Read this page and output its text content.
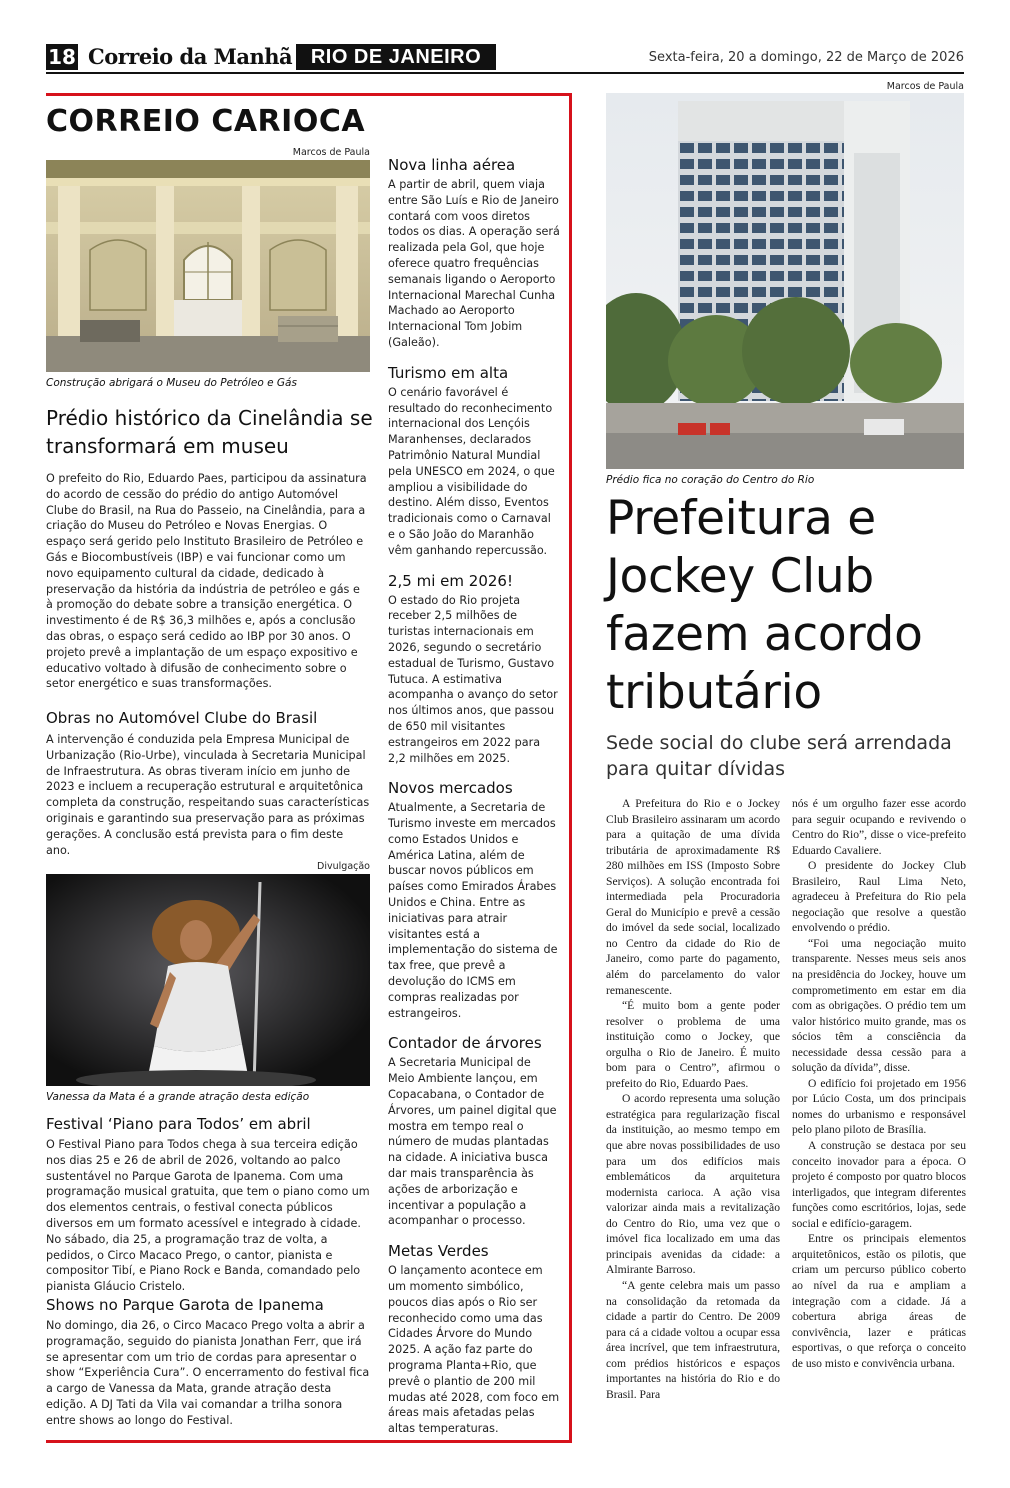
18 Correio da Manhã RIO DE JANEIRO	Sexta-feira, 20 a domingo, 22 de Março de 2026
CORREIO CARIOCA
Marcos de Paula
Construção abrigará o Museu do Petróleo e Gás
Prédio histórico da Cinelândia se transformará em museu
O prefeito do Rio, Eduardo Paes, participou da assinatura do acordo de cessão do prédio do antigo Automóvel Clube do Brasil, na Rua do Passeio, na Cinelândia, para a criação do Museu do Petróleo e Novas Energias. O espaço será gerido pelo Instituto Brasileiro de Petróleo e Gás e Biocombustíveis (IBP) e vai funcionar como um novo equipamento cultural da cidade, dedicado à preservação da história da indústria de petróleo e gás e à promoção do debate sobre a transição energética. O investimento é de R$ 36,3 milhões e, após a conclusão das obras, o espaço será cedido ao IBP por 30 anos. O projeto prevê a implantação de um espaço expositivo e educativo voltado à difusão de conhecimento sobre o setor energético e suas transformações.
Obras no Automóvel Clube do Brasil
A intervenção é conduzida pela Empresa Municipal de Urbanização (Rio-Urbe), vinculada à Secretaria Municipal de Infraestrutura. As obras tiveram início em junho de 2023 e incluem a recuperação estrutural e arquitetônica completa da construção, respeitando suas características originais e garantindo sua preservação para as próximas gerações. A conclusão está prevista para o fim deste ano.
Divulgação
Vanessa da Mata é a grande atração desta edição
Festival ‘Piano para Todos’ em abril
O Festival Piano para Todos chega à sua terceira edição nos dias 25 e 26 de abril de 2026, voltando ao palco sustentável no Parque Garota de Ipanema. Com uma programação musical gratuita, que tem o piano como um dos elementos centrais, o festival conecta públicos diversos em um formato acessível e integrado à cidade. No sábado, dia 25, a programação traz de volta, a pedidos, o Circo Macaco Prego, o cantor, pianista e compositor Tibí, e Piano Rock e Banda, comandado pelo pianista Gláucio Cristelo.
Shows no Parque Garota de Ipanema
No domingo, dia 26, o Circo Macaco Prego volta a abrir a programação, seguido do pianista Jonathan Ferr, que irá se apresentar com um trio de cordas para apresentar o show “Experiência Cura”. O encerramento do festival fica a cargo de Vanessa da Mata, grande atração desta edição. A DJ Tati da Vila vai comandar a trilha sonora entre shows ao longo do Festival.
Nova linha aérea

A partir de abril, quem viaja entre São Luís e Rio de Janeiro contará com voos diretos todos os dias. A operação será realizada pela Gol, que hoje oferece quatro frequências semanais ligando o Aeroporto Internacional Marechal Cunha Machado ao Aeroporto Internacional Tom Jobim (Galeão).

Turismo em alta

O cenário favorável é resultado do reconhecimento internacional dos Lençóis Maranhenses, declarados Patrimônio Natural Mundial pela UNESCO em 2024, o que ampliou a visibilidade do destino. Além disso, Eventos tradicionais como o Carnaval e o São João do Maranhão vêm ganhando repercussão.

2,5 mi em 2026!

O estado do Rio projeta receber 2,5 milhões de turistas internacionais em 2026, segundo o secretário estadual de Turismo, Gustavo Tutuca. A estimativa acompanha o avanço do setor nos últimos anos, que passou de 650 mil visitantes estrangeiros em 2022 para 2,2 milhões em 2025.

Novos mercados

Atualmente, a Secretaria de Turismo investe em mercados como Estados Unidos e América Latina, além de buscar novos públicos em países como Emirados Árabes Unidos e China. Entre as iniciativas para atrair visitantes está a implementação do sistema de tax free, que prevê a devolução do ICMS em compras realizadas por estrangeiros.

Contador de árvores

A Secretaria Municipal de Meio Ambiente lançou, em Copacabana, o Contador de Árvores, um painel digital que mostra em tempo real o número de mudas plantadas na cidade. A iniciativa busca dar mais transparência às ações de arborização e incentivar a população a acompanhar o processo.

Metas Verdes

O lançamento acontece em um momento simbólico, poucos dias após o Rio ser reconhecido como uma das Cidades Árvore do Mundo 2025. A ação faz parte do programa Planta+Rio, que prevê o plantio de 200 mil mudas até 2028, com foco em áreas mais afetadas pelas altas temperaturas.

Marcos de Paula
Prédio fica no coração do Centro do Rio
Prefeitura e Jockey Club fazem acordo tributário
Sede social do clube será arrendada para quitar dívidas

A Prefeitura do Rio e o Jockey Club Brasileiro assinaram um acordo para a quitação de uma dívida tributária de aproximadamente R$ 280 milhões em ISS (Imposto Sobre Serviços). A solução encontrada foi intermediada pela Procuradoria Geral do Município e prevê a cessão do imóvel da sede social, localizado no Centro da cidade do Rio de Janeiro, como parte do pagamento, além do parcelamento do valor remanescente.

“É muito bom a gente poder resolver o problema de uma instituição como o Jockey, que orgulha o Rio de Janeiro. É muito bom para o Centro”, afirmou o prefeito do Rio, Eduardo Paes.

O acordo representa uma solução estratégica para regularização fiscal da instituição, ao mesmo tempo em que abre novas possibilidades de uso para um dos edifícios mais emblemáticos da arquitetura modernista carioca. A ação visa valorizar ainda mais a revitalização do Centro do Rio, uma vez que o imóvel fica localizado em uma das principais avenidas da cidade: a Almirante Barroso.

“A gente celebra mais um passo na consolidação da retomada da cidade a partir do Centro. De 2009 para cá a cidade voltou a ocupar essa área incrível, que tem infraestrutura, com prédios históricos e espaços importantes na história do Rio e do Brasil. Para

nós é um orgulho fazer esse acordo para seguir ocupando e revivendo o Centro do Rio”, disse o vice-prefeito Eduardo Cavaliere.

O presidente do Jockey Club Brasileiro, Raul Lima Neto, agradeceu à Prefeitura do Rio pela negociação que resolve a questão envolvendo o prédio.

“Foi uma negociação muito transparente. Nesses meus seis anos na presidência do Jockey, houve um comprometimento em estar em dia com as obrigações. O prédio tem um valor histórico muito grande, mas os sócios têm a consciência da necessidade dessa cessão para a solução da dívida”, disse.

O edifício foi projetado em 1956 por Lúcio Costa, um dos principais nomes do urbanismo e responsável pelo plano piloto de Brasília.

A construção se destaca por seu conceito inovador para a época. O projeto é composto por quatro blocos interligados, que integram diferentes funções como escritórios, lojas, sede social e edifício-garagem.

Entre os principais elementos arquitetônicos, estão os pilotis, que criam um percurso público coberto ao nível da rua e ampliam a integração com a cidade. Já a cobertura abriga áreas de convivência, lazer e práticas esportivas, o que reforça o conceito de uso misto e convivência urbana.
